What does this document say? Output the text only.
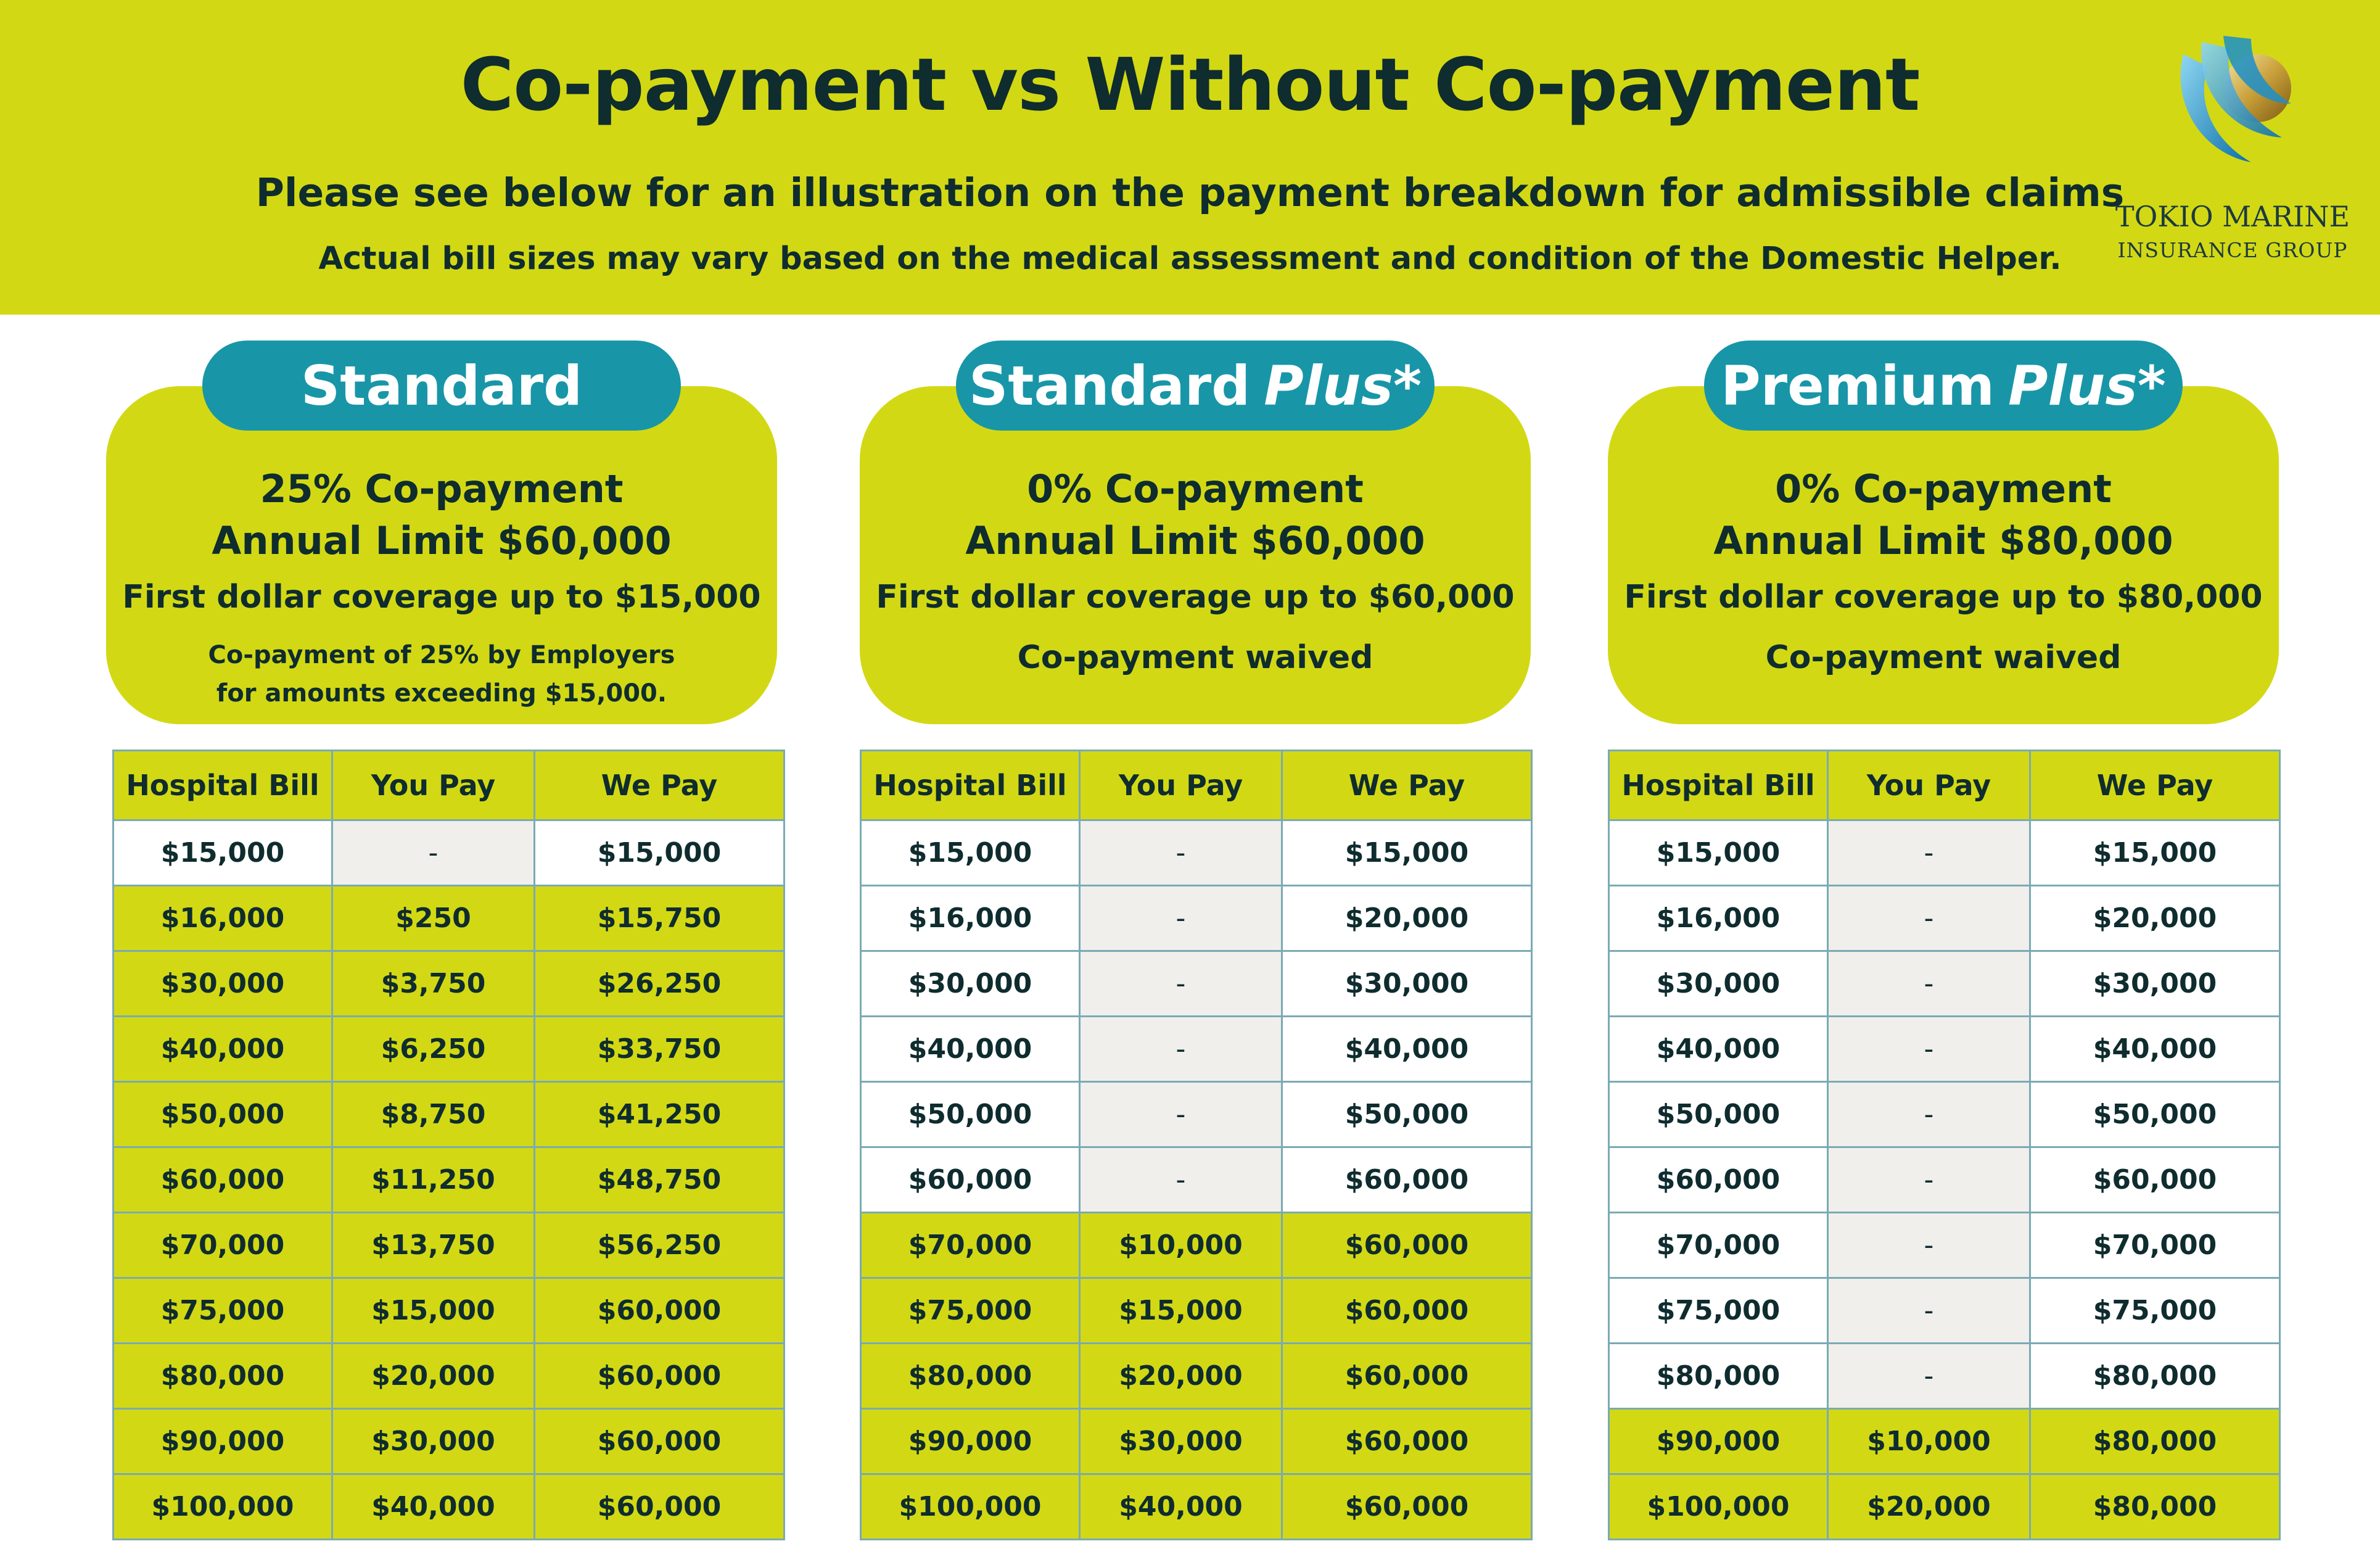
Co-payment vs Without Co-payment
Please see below for an illustration on the payment breakdown for admissible claims
Actual bill sizes may vary based on the medical assessment and condition of the Domestic Helper.
TOKIO MARINE
INSURANCE GROUP
25% Co-payment
Annual Limit $60,000
First dollar coverage up to $15,000
Co-payment of 25% by Employers for amounts exceeding $15,000.
Standard
0% Co-payment
Annual Limit $60,000
First dollar coverage up to $60,000
Co-payment waived
Standard Plus*
0% Co-payment
Annual Limit $80,000
First dollar coverage up to $80,000
Co-payment waived
Premium Plus*
Hospital Bill	You Pay	We Pay
$15,000	-	$15,000
$16,000	$250	$15,750
$30,000	$3,750	$26,250
$40,000	$6,250	$33,750
$50,000	$8,750	$41,250
$60,000	$11,250	$48,750
$70,000	$13,750	$56,250
$75,000	$15,000	$60,000
$80,000	$20,000	$60,000
$90,000	$30,000	$60,000
$100,000	$40,000	$60,000
Hospital Bill	You Pay	We Pay
$15,000	-	$15,000
$16,000	-	$20,000
$30,000	-	$30,000
$40,000	-	$40,000
$50,000	-	$50,000
$60,000	-	$60,000
$70,000	$10,000	$60,000
$75,000	$15,000	$60,000
$80,000	$20,000	$60,000
$90,000	$30,000	$60,000
$100,000	$40,000	$60,000
Hospital Bill	You Pay	We Pay
$15,000	-	$15,000
$16,000	-	$20,000
$30,000	-	$30,000
$40,000	-	$40,000
$50,000	-	$50,000
$60,000	-	$60,000
$70,000	-	$70,000
$75,000	-	$75,000
$80,000	-	$80,000
$90,000	$10,000	$80,000
$100,000	$20,000	$80,000
